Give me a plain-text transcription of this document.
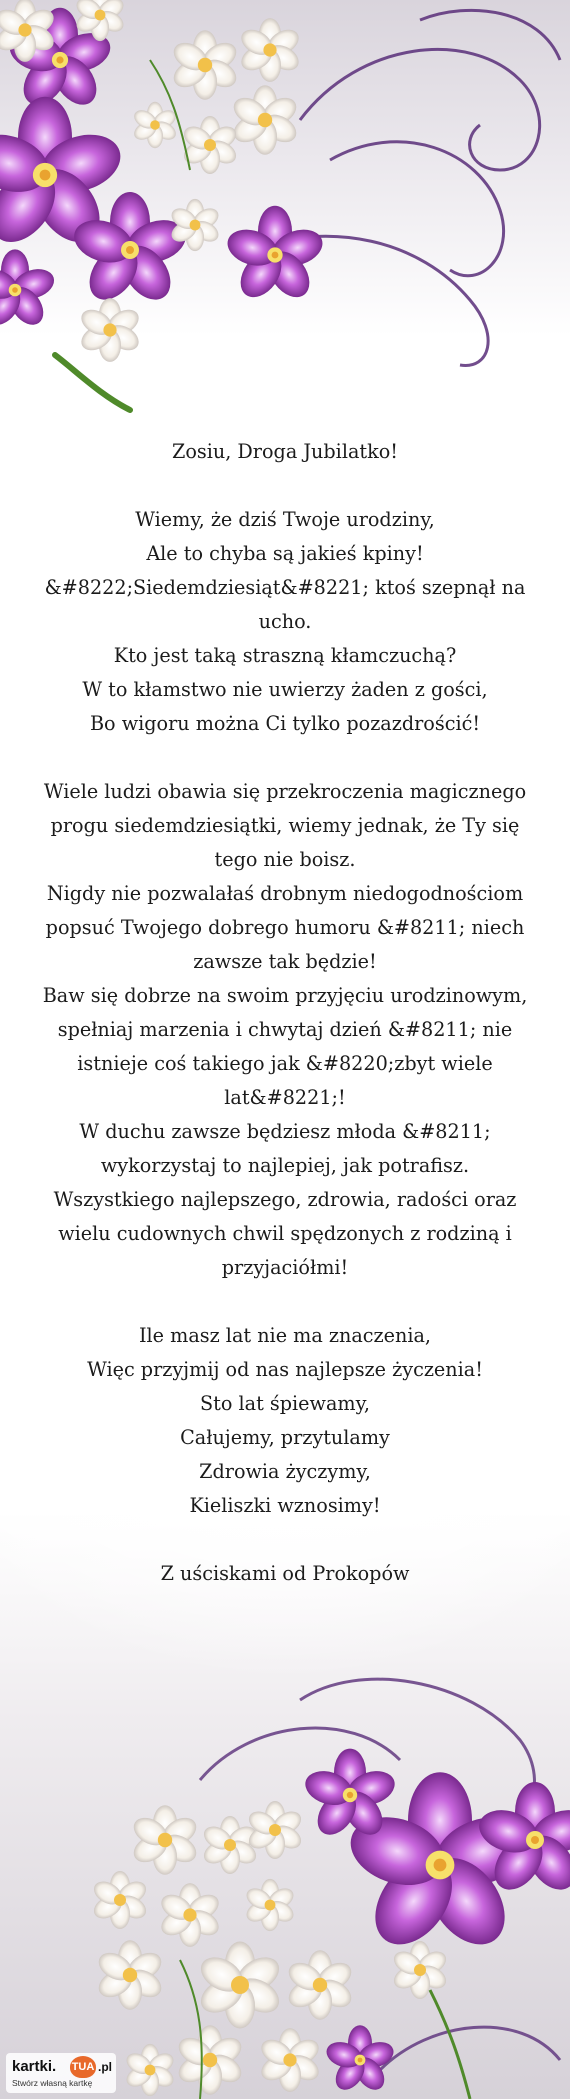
Zosiu, Droga Jubilatko!

Wiemy, że dziś Twoje urodziny,

Ale to chyba są jakieś kpiny!

&#8222;Siedemdziesiąt&#8221; ktoś szepnął na ucho.

Kto jest taką straszną kłamczuchą?

W to kłamstwo nie uwierzy żaden z gości,

Bo wigoru można Ci tylko pozazdrościć!

Wiele ludzi obawia się przekroczenia magicznego progu siedemdziesiątki, wiemy jednak, że Ty się tego nie boisz.

Nigdy nie pozwalałaś drobnym niedogodnościom popsuć Twojego dobrego humoru &#8211; niech zawsze tak będzie!

Baw się dobrze na swoim przyjęciu urodzinowym, spełniaj marzenia i chwytaj dzień &#8211; nie istnieje coś takiego jak &#8220;zbyt wiele lat&#8221;!

W duchu zawsze będziesz młoda &#8211; wykorzystaj to najlepiej, jak potrafisz.

Wszystkiego najlepszego, zdrowia, radości oraz wielu cudownych chwil spędzonych z rodziną i przyjaciółmi!

Ile masz lat nie ma znaczenia,

Więc przyjmij od nas najlepsze życzenia!

Sto lat śpiewamy,

Całujemy, przytulamy

Zdrowia życzymy,

Kieliszki wznosimy!

Z uściskami od Prokopów

kartki. TUA .pl
Stwórz własną kartkę
